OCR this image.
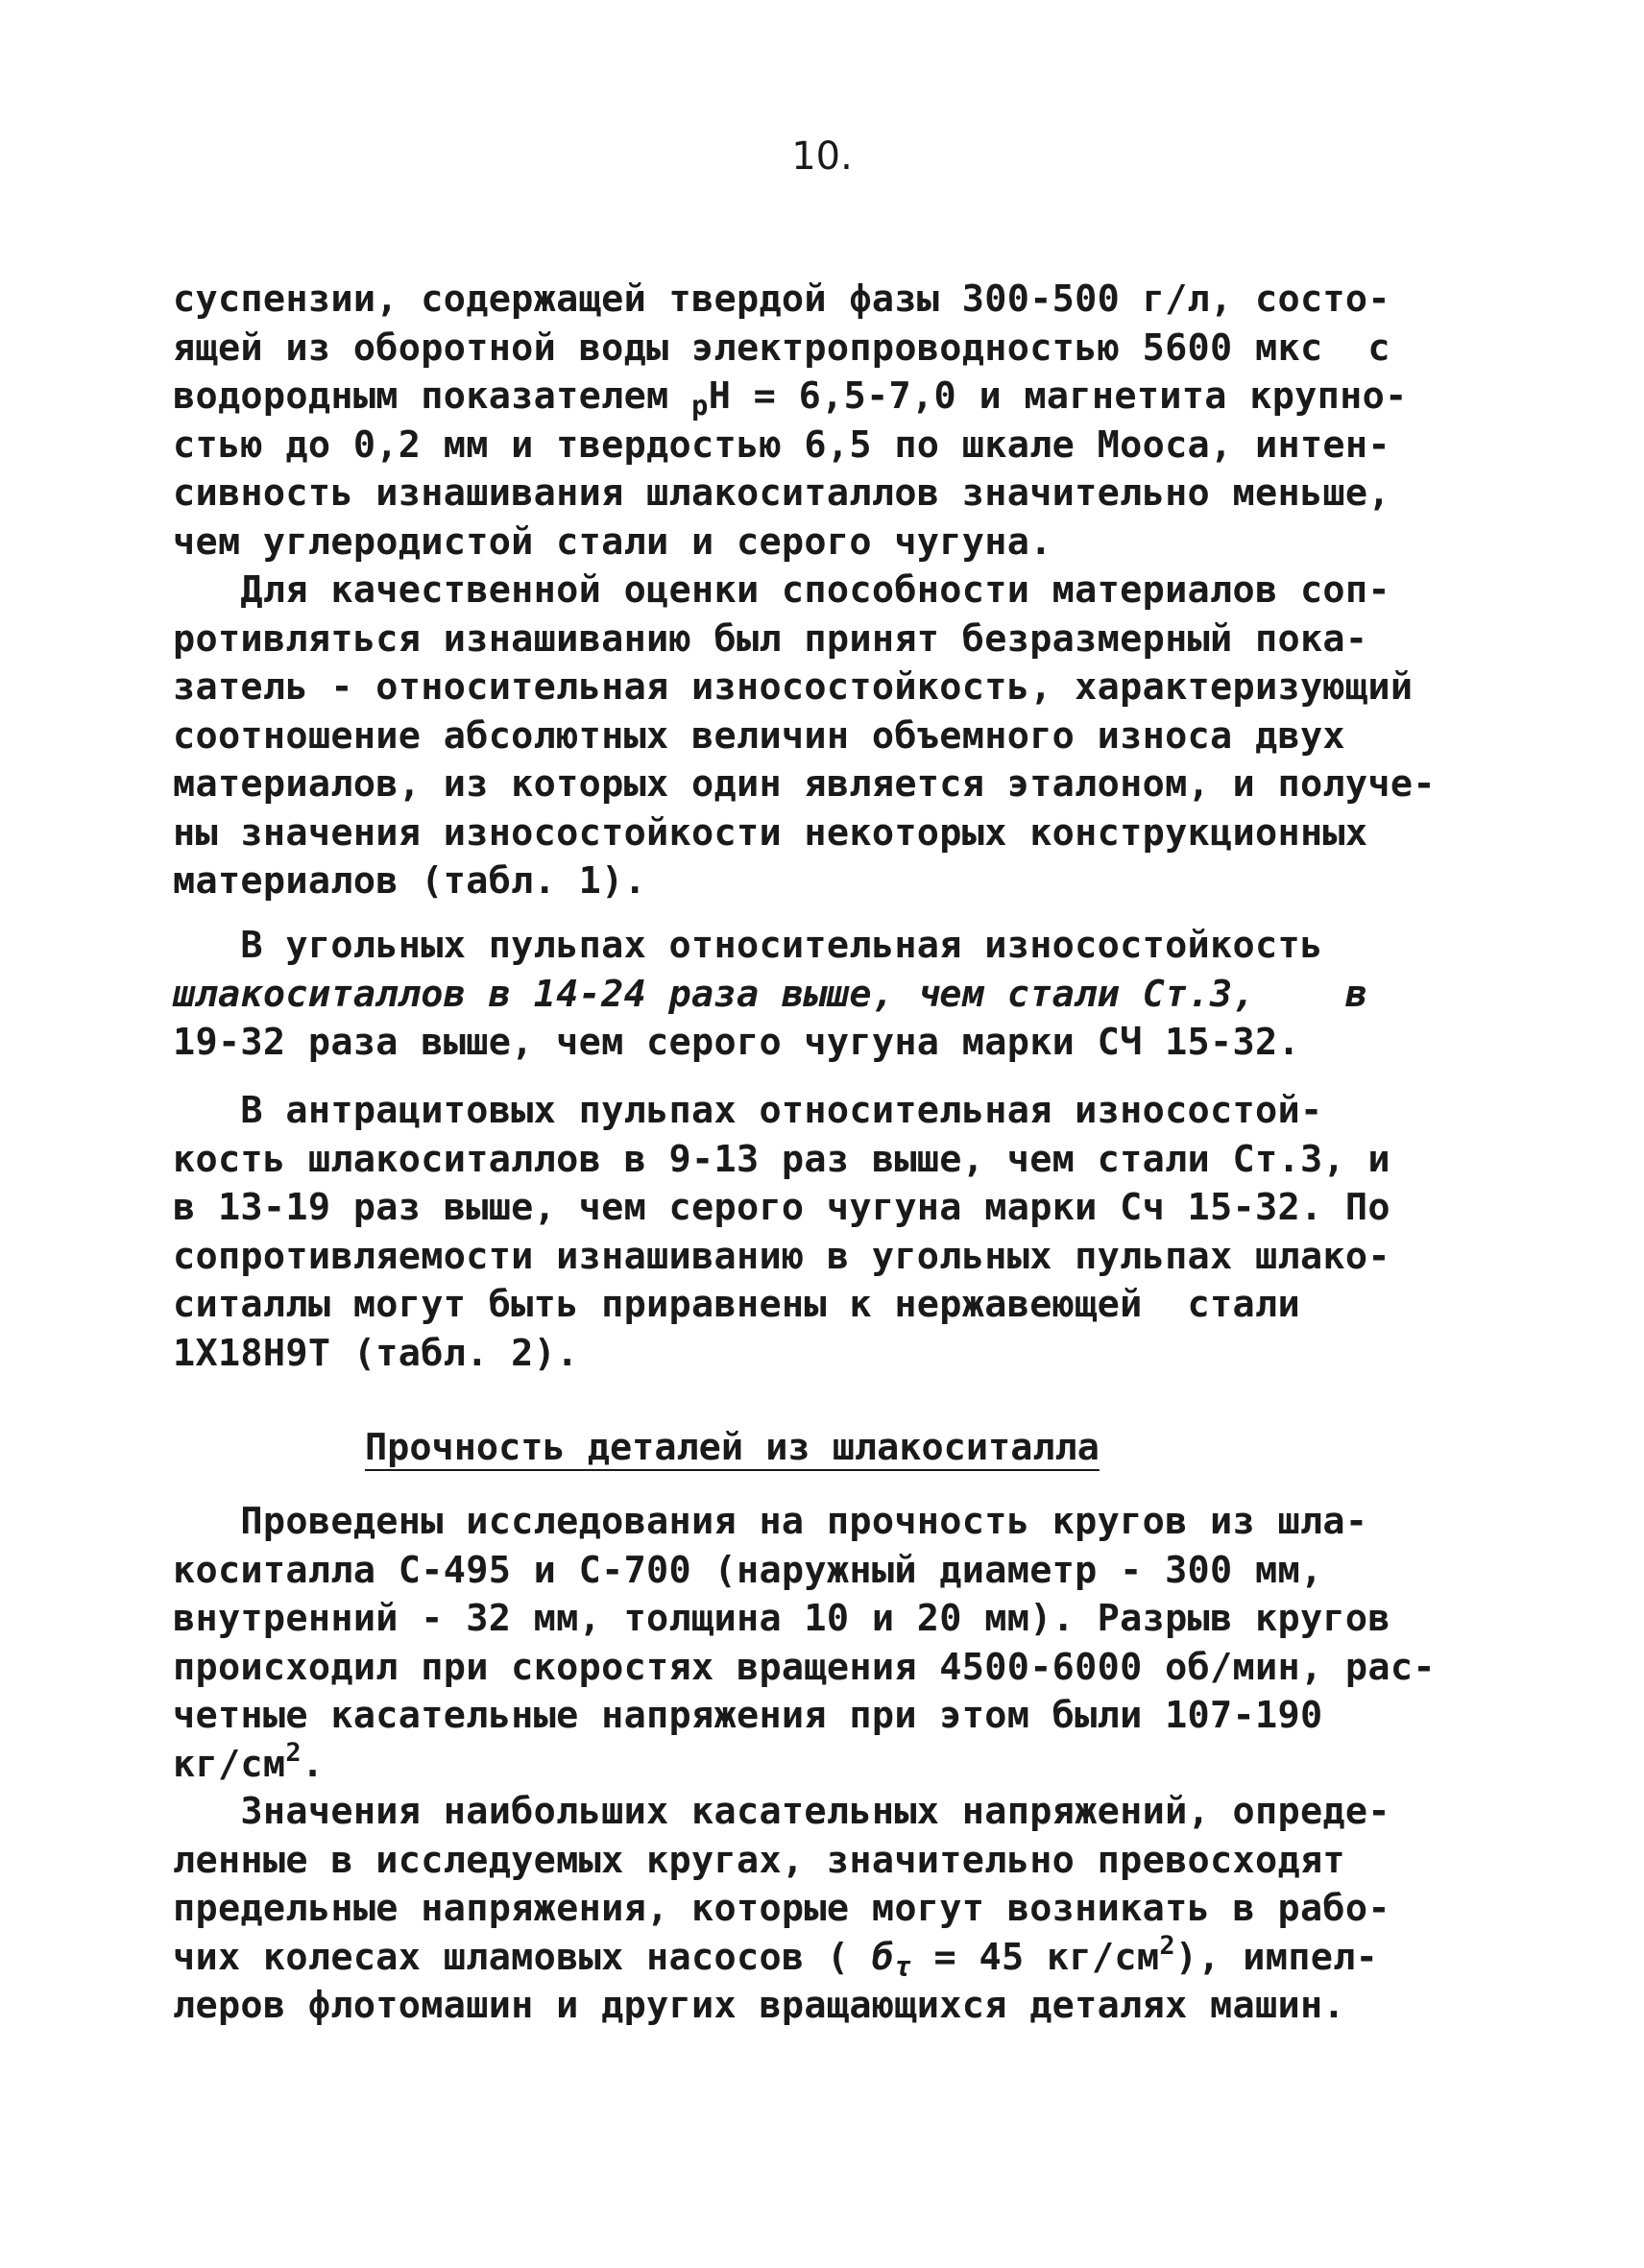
10.
суспензии, содержащей твердой фазы 300-500 г/л, состо-
ящей из оборотной воды электропроводностью 5600 мкс  с
водородным показателем $_р$Н = 6,5-7,0 и магнетита крупно-
стью до 0,2 мм и твердостью 6,5 по шкале Мооса, интен-
сивность изнашивания шлакоситаллов значительно меньше,
чем углеродистой стали и серого чугуна.
Для качественной оценки способности материалов соп-
ротивляться изнашиванию был принят безразмерный пока-
затель - относительная износостойкость, характеризующий
соотношение абсолютных величин объемного износа двух
материалов, из которых один является эталоном, и получе-
ны значения износостойкости некоторых конструкционных
материалов (табл. 1).
В угольных пульпах относительная износостойкость
шлакоситаллов в 14-24 раза выше, чем стали Ст.3,    в
19-32 раза выше, чем серого чугуна марки СЧ 15-32.
В антрацитовых пульпах относительная износостой-
кость шлакоситаллов в 9-13 раз выше, чем стали Ст.3, и
в 13-19 раз выше, чем серого чугуна марки Сч 15-32. По
сопротивляемости изнашиванию в угольных пульпах шлако-
ситаллы могут быть приравнены к нержавеющей  стали
1Х18Н9Т (табл. 2).
Прочность деталей из шлакоситалла
Проведены исследования на прочность кругов из шла-
коситалла С-495 и С-700 (наружный диаметр - 300 мм,
внутренний - 32 мм, толщина 10 и 20 мм). Разрыв кругов
происходил при скоростях вращения 4500-6000 об/мин, рас-
четные касательные напряжения при этом были 107-190
$кг/см^2$.
Значения наибольших касательных напряжений, опреде-
ленные в исследуемых кругах, значительно превосходят
предельные напряжения, которые могут возникать в рабо-
чих колесах шламовых насосов ( $б_\tau = 45$ $кг/см^2$), импел-
леров флотомашин и других вращающихся деталях машин.
